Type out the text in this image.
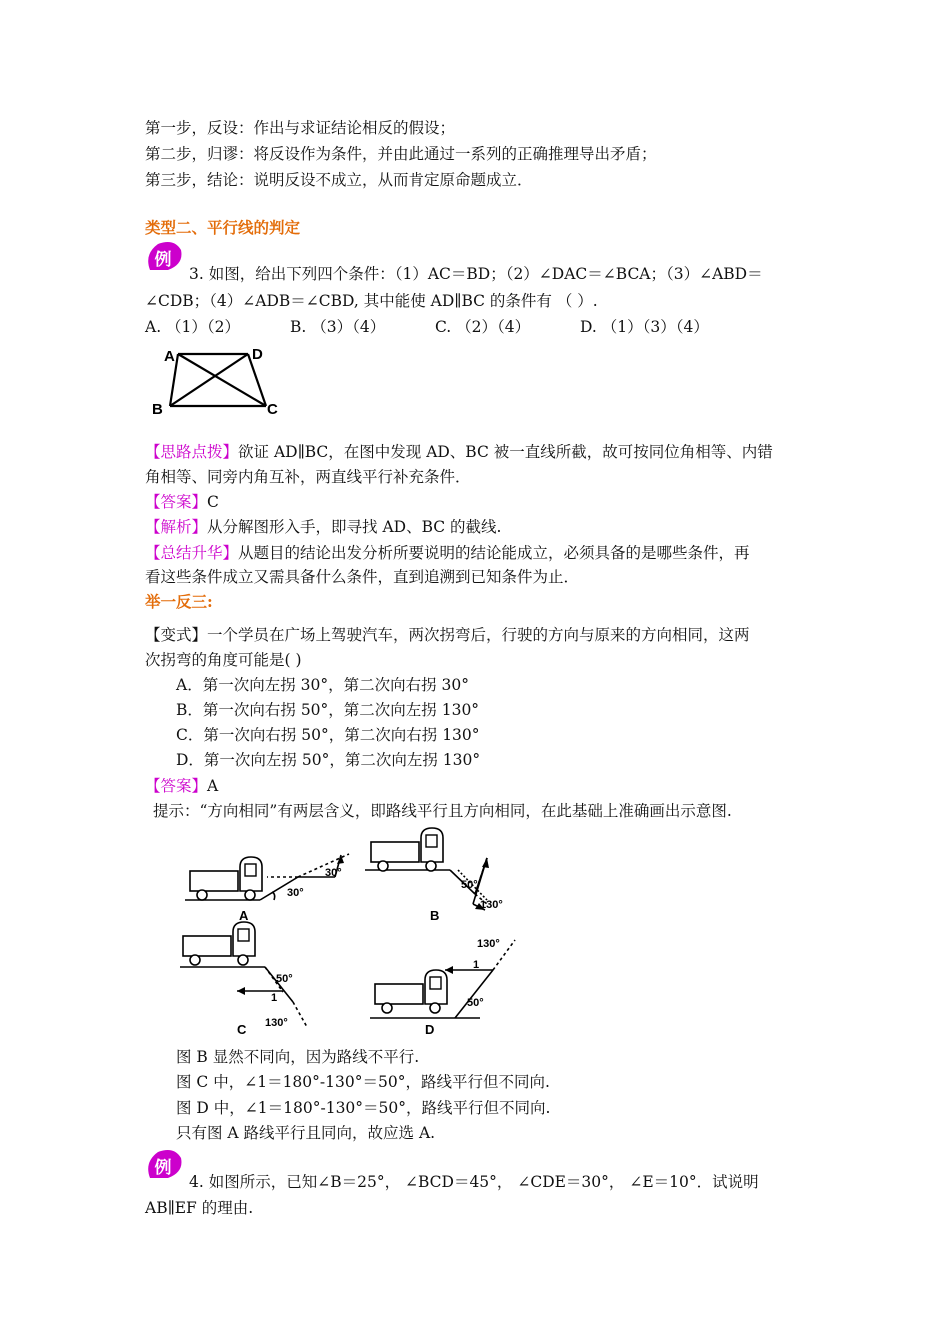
第一步，反设：作出与求证结论相反的假设；
第二步，归谬：将反设作为条件，并由此通过一系列的正确推理导出矛盾；
第三步，结论：说明反设不成立，从而肯定原命题成立．
类型二、平行线的判定
例
3. 如图，给出下列四个条件：（1）AC＝BD；（2）∠DAC＝∠BCA；（3）∠ABD＝
∠CDB；（4）∠ADB＝∠CBD, 其中能使 AD∥BC 的条件有 （ ）.
A. （1）（2）	B. （3）（4）	C. （2）（4）	D. （1）（3）（4）
A	D
B	C
【思路点拨】欲证 AD∥BC，在图中发现 AD、BC 被一直线所截，故可按同位角相等、内错
角相等、同旁内角互补，两直线平行补充条件．
【答案】C
【解析】从分解图形入手，即寻找 AD、BC 的截线.
【总结升华】从题目的结论出发分析所要说明的结论能成立，必须具备的是哪些条件，再
看这些条件成立又需具备什么条件，直到追溯到已知条件为止．
举一反三:
【变式】一个学员在广场上驾驶汽车，两次拐弯后，行驶的方向与原来的方向相同，这两
次拐弯的角度可能是( )
A．第一次向左拐 30°，第二次向右拐 30°
B．第一次向右拐 50°，第二次向左拐 130°
C．第一次向右拐 50°，第二次向右拐 130°
D．第一次向左拐 50°，第二次向左拐 130°
【答案】A
提示：“方向相同”有两层含义，即路线平行且方向相同，在此基础上准确画出示意图.
30°
30°
A
50°
130°
B
50°
1
130°
C
130°
1
50°
D
图 B 显然不同向，因为路线不平行.
图 C 中，∠1＝180°-130°＝50°，路线平行但不同向.
图 D 中，∠1＝180°-130°＝50°，路线平行但不同向.
只有图 A 路线平行且同向，故应选 A.
例
4. 如图所示，已知∠B＝25°， ∠BCD＝45°， ∠CDE＝30°， ∠E＝10°．试说明
AB∥EF 的理由.
